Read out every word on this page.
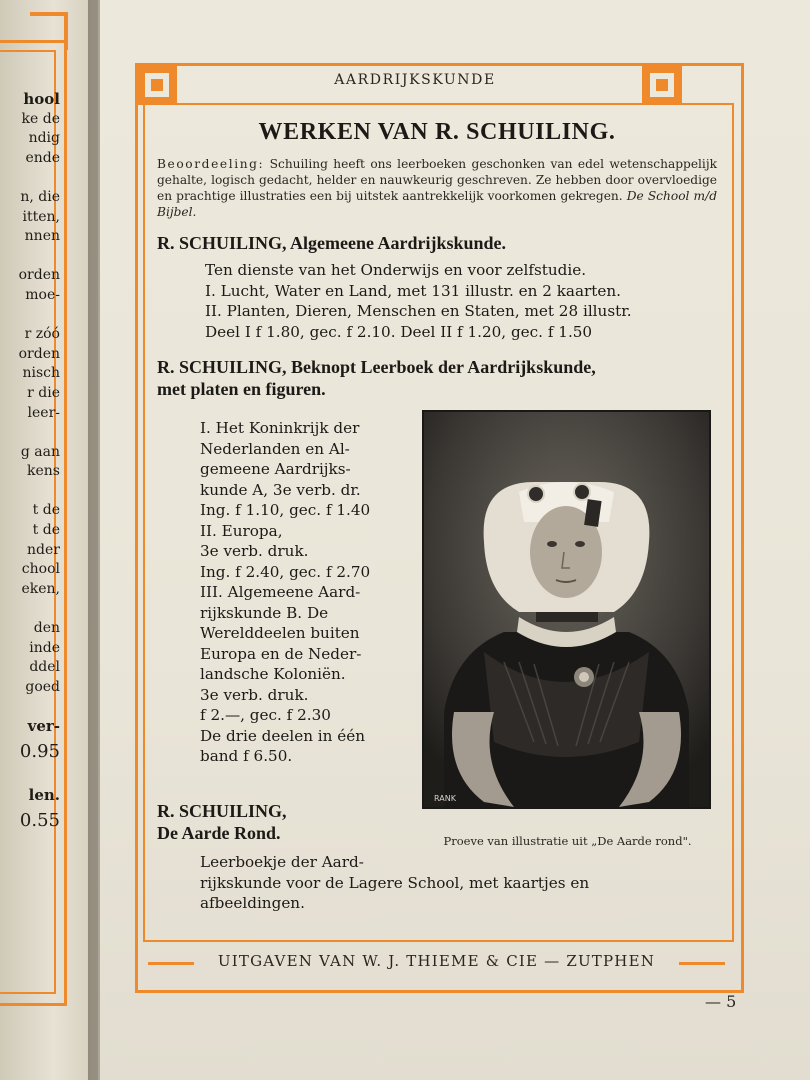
hool
ke de
ndig
ende

n, die
itten,
nnen

orden
moe-

r zóó
orden
nisch
r die
leer-

g aan
kens

t de
t de
nder
chool
eken,

den
inde
ddel
goed

ver-
0.95

len.
0.55
AARDRIJKSKUNDE
WERKEN VAN R. SCHUILING.
Beoordeeling: Schuiling heeft ons leerboeken geschonken van edel wetenschappelijk gehalte, logisch gedacht, helder en nauwkeurig geschreven. Ze hebben door overvloedige en prachtige illustraties een bij uitstek aantrekkelijk voorkomen gekregen. De School m/d Bijbel.
R. SCHUILING, Algemeene Aardrijkskunde.
Ten dienste van het Onderwijs en voor zelfstudie.
I. Lucht, Water en Land, met 131 illustr. en 2 kaarten.
II. Planten, Dieren, Menschen en Staten, met 28 illustr.
Deel I f 1.80, gec. f 2.10. Deel II f 1.20, gec. f 1.50
R. SCHUILING, Beknopt Leerboek der Aardrijkskunde,
met platen en figuren.
I. Het Koninkrijk der
Nederlanden en Al-
gemeene Aardrijks-
kunde A, 3e verb. dr.
Ing. f 1.10, gec. f 1.40
II. Europa,
3e verb. druk.
Ing. f 2.40, gec. f 2.70
III. Algemeene Aard-
rijkskunde B. De
Werelddeelen buiten
Europa en de Neder-
landsche Koloniën.
3e verb. druk.
f 2.—, gec. f 2.30
De drie deelen in één
band f 6.50.
RANK
R. SCHUILING,
De Aarde Rond.
Leerboekje der Aard-
rijkskunde voor de Lagere School, met kaartjes en
afbeeldingen.
Proeve van illustratie uit „De Aarde rond".
UITGAVEN VAN W. J. THIEME & CIE — ZUTPHEN
— 5
